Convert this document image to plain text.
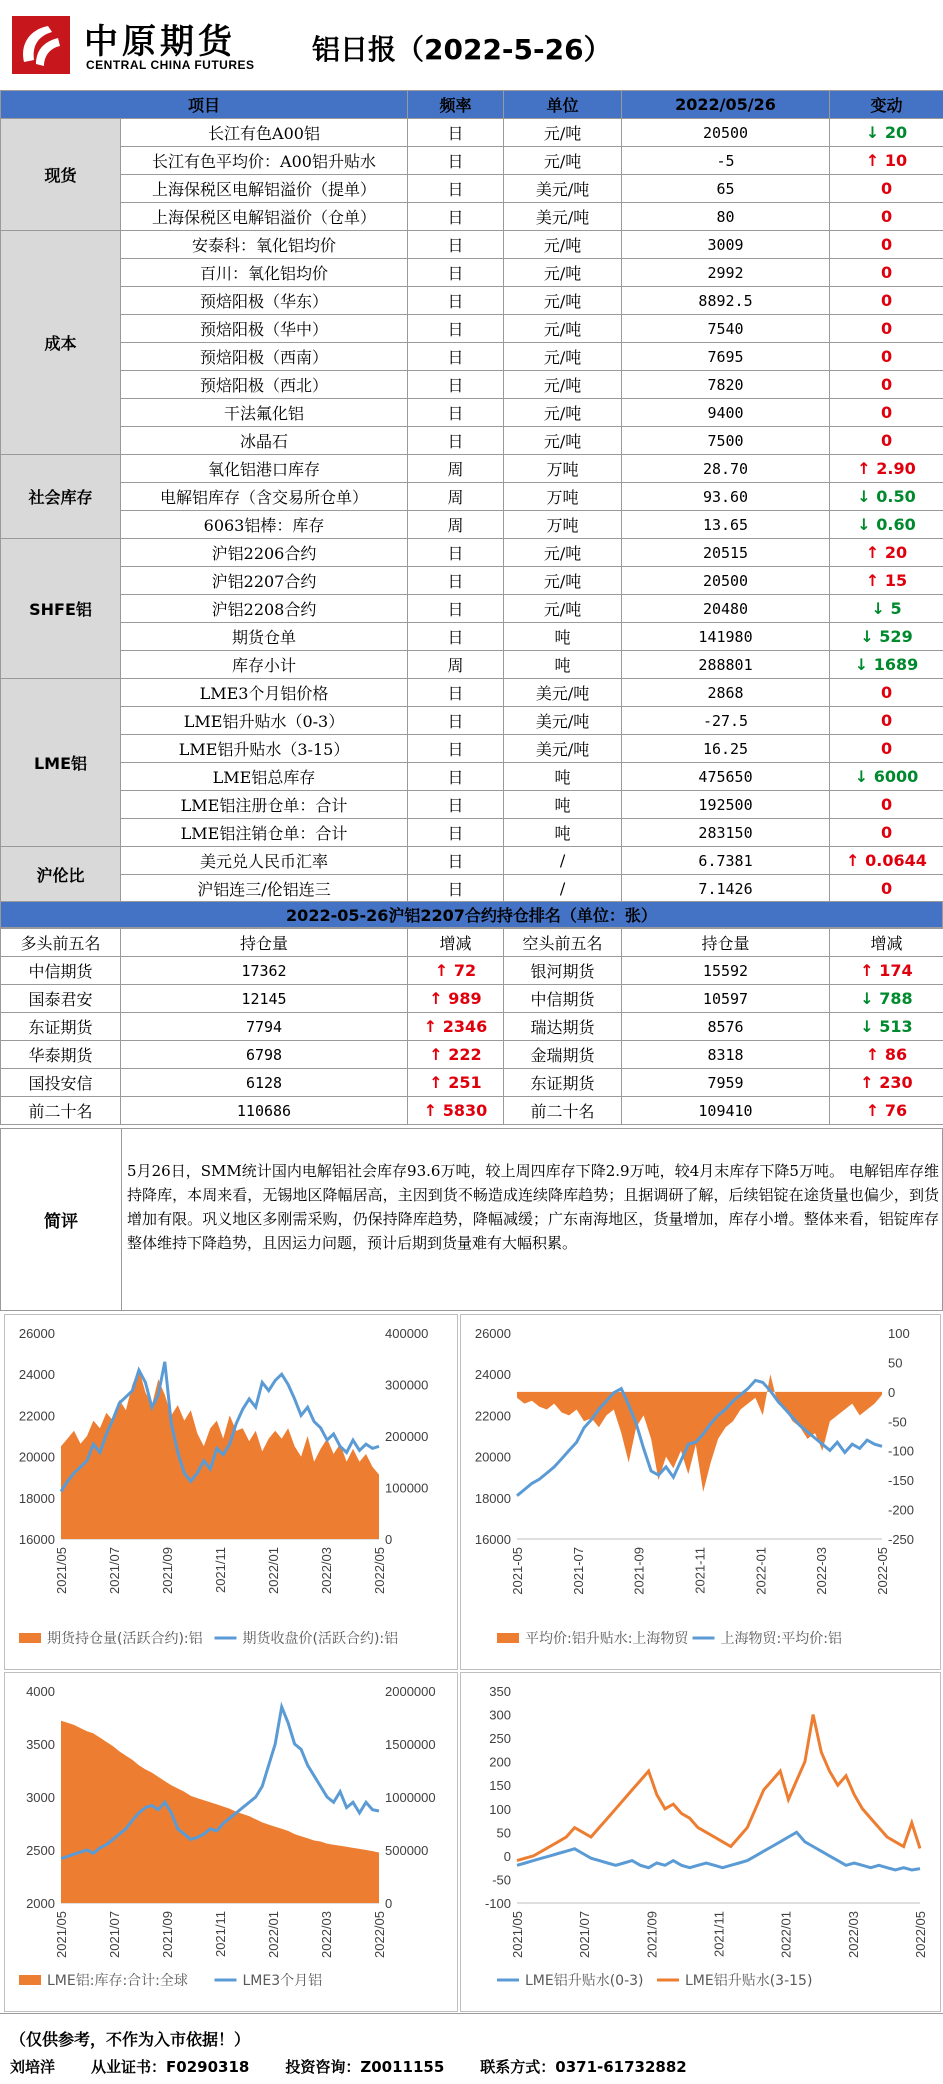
中原期货
CENTRAL CHINA FUTURES 铝日报（2022-5-26）
项目		频率	单位	2022/05/26	变动
现货	长江有色A00铝	日	元/吨	20500	↓ 20
	长江有色平均价：A00铝升贴水	日	元/吨	-5	↑ 10
	上海保税区电解铝溢价（提单）	日	美元/吨	65	0
	上海保税区电解铝溢价（仓单）	日	美元/吨	80	0
成本	安泰科：氧化铝均价	日	元/吨	3009	0
	百川：氧化铝均价	日	元/吨	2992	0
	预焙阳极（华东）	日	元/吨	8892.5	0
	预焙阳极（华中）	日	元/吨	7540	0
	预焙阳极（西南）	日	元/吨	7695	0
	预焙阳极（西北）	日	元/吨	7820	0
	干法氟化铝	日	元/吨	9400	0
	冰晶石	日	元/吨	7500	0
社会库存	氧化铝港口库存	周	万吨	28.70	↑ 2.90
	电解铝库存（含交易所仓单）	周	万吨	93.60	↓ 0.50
	6063铝棒：库存	周	万吨	13.65	↓ 0.60
SHFE铝	沪铝2206合约	日	元/吨	20515	↑ 20
	沪铝2207合约	日	元/吨	20500	↑ 15
	沪铝2208合约	日	元/吨	20480	↓ 5
	期货仓单	日	吨	141980	↓ 529
	库存小计	周	吨	288801	↓ 1689
LME铝	LME3个月铝价格	日	美元/吨	2868	0
	LME铝升贴水（0-3）	日	美元/吨	-27.5	0
	LME铝升贴水（3-15）	日	美元/吨	16.25	0
	LME铝总库存	日	吨	475650	↓ 6000
	LME铝注册仓单：合计	日	吨	192500	0
	LME铝注销仓单：合计	日	吨	283150	0
沪伦比	美元兑人民币汇率	日	/	6.7381	↑ 0.0644
	沪铝连三/伦铝连三	日	/	7.1426	0
2022-05-26沪铝2207合约持仓排名（单位：张）
多头前五名	持仓量	增减	空头前五名	持仓量	增减
中信期货	17362	↑ 72	银河期货	15592	↑ 174
国泰君安	12145	↑ 989	中信期货	10597	↓ 788
东证期货	7794	↑ 2346	瑞达期货	8576	↓ 513
华泰期货	6798	↑ 222	金瑞期货	8318	↑ 86
国投安信	6128	↑ 251	东证期货	7959	↑ 230
前二十名	110686	↑ 5830	前二十名	109410	↑ 76
简评
5月26日，SMM统计国内电解铝社会库存93.6万吨，较上周四库存下降2.9万吨，较4月末库存下降5万吨。 电解铝库存维持降库，本周来看，无锡地区降幅居高，主因到货不畅造成连续降库趋势；且据调研了解，后续铝锭在途货量也偏少，到货增加有限。巩义地区多刚需采购，仍保持降库趋势，降幅减缓；广东南海地区，货量增加，库存小增。整体来看，铝锭库存整体维持下降趋势，且因运力问题，预计后期到货量难有大幅积累。
16000
18000
20000
22000
24000
26000
0
100000
200000
300000
400000
2021/05	2021/07	2021/09	2021/11	2022/01	2022/03	2022/05
期货持仓量(活跃合约):铝	期货收盘价(活跃合约):铝
16000
18000
20000
22000
24000
26000
-250
-200
-150
-100
-50
0
50
100
2021-05	2021-07	2021-09	2021-11	2022-01	2022-03	2022-05
平均价:铝升贴水:上海物贸 上海物贸:平均价:铝
2000
2500
3000
3500
4000
0
500000
1000000
1500000
2000000
2021/05	2021/07	2021/09	2021/11	2022/01	2022/03	2022/05
LME铝:库存:合计:全球	LME3个月铝
-100
-50
0
50
100
150
200
250
300
350
2021/05	2021/07	2021/09	2021/11	2022/01	2022/03	2022/05
LME铝升贴水(0-3)	LME铝升贴水(3-15)
（仅供参考，不作为入市依据！）
刘培洋 从业证书：F0290318 投资咨询：Z0011155 联系方式：0371-61732882
